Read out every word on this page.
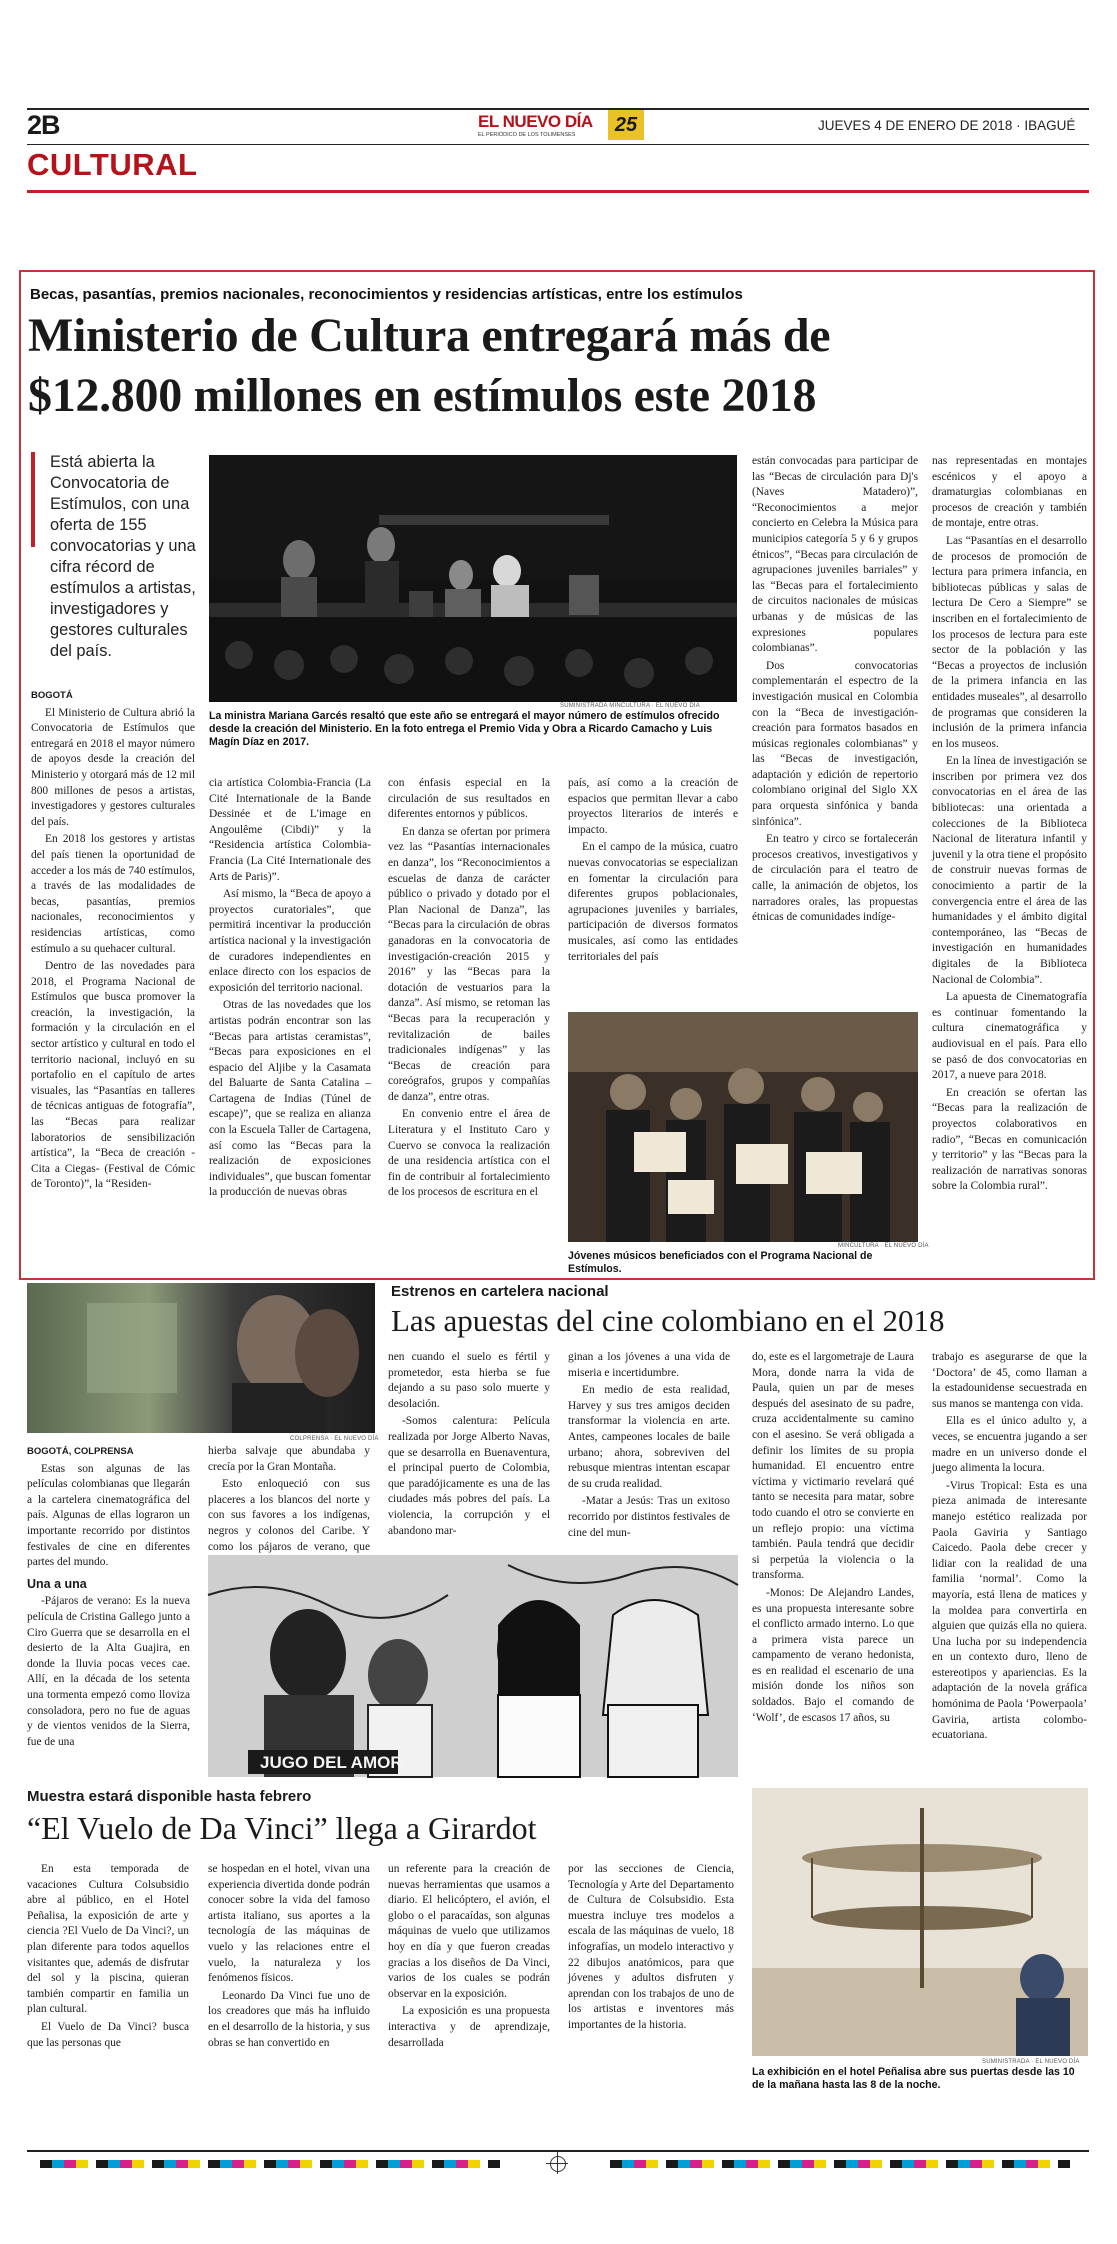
2B	EL NUEVO DÍA
EL PERIÓDICO DE LOS TOLIMENSES	25	JUEVES 4 DE ENERO DE 2018 · IBAGUÉ
CULTURAL
Becas, pasantías, premios nacionales, reconocimientos y residencias artísticas, entre los estímulos
Ministerio de Cultura entregará más de
$12.800 millones en estímulos este 2018
Está abierta la Convocatoria de Estímulos, con una oferta de 155 convocatorias y una cifra récord de estímulos a artistas, investigadores y gestores culturales del país.
SUMINISTRADA MINCULTURA · EL NUEVO DÍA
La ministra Mariana Garcés resaltó que este año se entregará el mayor número de estímulos ofrecido desde la creación del Ministerio. En la foto entrega el Premio Vida y Obra a Ricardo Camacho y Luis Magín Díaz en 2017.
BOGOTÁ

El Ministerio de Cultura abrió la Convocatoria de Estímulos que entregará en 2018 el mayor número de apoyos desde la creación del Ministerio y otorgará más de 12 mil 800 millones de pesos a artistas, investigadores y gestores culturales del país.

En 2018 los gestores y artistas del país tienen la oportunidad de acceder a los más de 740 estímulos, a través de las modalidades de becas, pasantías, premios nacionales, reconocimientos y residencias artísticas, como estímulo a su quehacer cultural.

Dentro de las novedades para 2018, el Programa Nacional de Estímulos que busca promover la creación, la investigación, la formación y la circulación en el sector artístico y cultural en todo el territorio nacional, incluyó en su portafolio en el capítulo de artes visuales, las “Pasantías en talleres de técnicas antiguas de fotografía”, las “Becas para realizar laboratorios de sensibilización artística”, la “Beca de creación -Cita a Ciegas- (Festival de Cómic de Toronto)”, la “Residen-

cia artística Colombia-Francia (La Cité Internationale de la Bande Dessinée et de L'image en Angoulême (Cibdi)” y la “Residencia artística Colombia-Francia (La Cité Internationale des Arts de Paris)”.

Así mismo, la “Beca de apoyo a proyectos curatoriales”, que permitirá incentivar la producción artística nacional y la investigación de curadores independientes en enlace directo con los espacios de exposición del territorio nacional.

Otras de las novedades que los artistas podrán encontrar son las “Becas para artistas ceramistas”, “Becas para exposiciones en el espacio del Aljibe y la Casamata del Baluarte de Santa Catalina – Cartagena de Indias (Túnel de escape)”, que se realiza en alianza con la Escuela Taller de Cartagena, así como las “Becas para la realización de exposiciones individuales”, que buscan fomentar la producción de nuevas obras

con énfasis especial en la circulación de sus resultados en diferentes entornos y públicos.

En danza se ofertan por primera vez las “Pasantías internacionales en danza”, los “Reconocimientos a escuelas de danza de carácter público o privado y dotado por el Plan Nacional de Danza”, las “Becas para la circulación de obras ganadoras en la convocatoria de investigación-creación 2015 y 2016” y las “Becas para la dotación de vestuarios para la danza”. Así mismo, se retoman las “Becas para la recuperación y revitalización de bailes tradicionales indígenas” y las “Becas de creación para coreógrafos, grupos y compañías de danza”, entre otras.

En convenio entre el área de Literatura y el Instituto Caro y Cuervo se convoca la realización de una residencia artística con el fin de contribuir al fortalecimiento de los procesos de escritura en el

país, así como a la creación de espacios que permitan llevar a cabo proyectos literarios de interés e impacto.

En el campo de la música, cuatro nuevas convocatorias se especializan en fomentar la circulación para diferentes grupos poblacionales, agrupaciones juveniles y barriales, participación de diversos formatos musicales, así como las entidades territoriales del país

están convocadas para participar de las “Becas de circulación para Dj's (Naves Matadero)”, “Reconocimientos a mejor concierto en Celebra la Música para municipios categoría 5 y 6 y grupos étnicos”, “Becas para circulación de agrupaciones juveniles barriales” y las “Becas para el fortalecimiento de circuitos nacionales de músicas urbanas y de músicas de las expresiones populares colombianas”.

Dos convocatorias complementarán el espectro de la investigación musical en Colombia con la “Beca de investigación-creación para formatos basados en músicas regionales colombianas” y las “Becas de investigación, adaptación y edición de repertorio colombiano original del Siglo XX para orquesta sinfónica y banda sinfónica”.

En teatro y circo se fortalecerán procesos creativos, investigativos y de circulación para el teatro de calle, la animación de objetos, los narradores orales, las propuestas étnicas de comunidades indíge-

nas representadas en montajes escénicos y el apoyo a dramaturgias colombianas en procesos de creación y también de montaje, entre otras.

Las “Pasantías en el desarrollo de procesos de promoción de lectura para primera infancia, en bibliotecas públicas y salas de lectura De Cero a Siempre” se inscriben en el fortalecimiento de los procesos de lectura para este sector de la población y las “Becas a proyectos de inclusión de la primera infancia en las entidades museales”, al desarrollo de programas que consideren la inclusión de la primera infancia en los museos.

En la línea de investigación se inscriben por primera vez dos convocatorias en el área de las bibliotecas: una orientada a colecciones de la Biblioteca Nacional de literatura infantil y juvenil y la otra tiene el propósito de construir nuevas formas de conocimiento a partir de la convergencia entre el área de las humanidades y el ámbito digital contemporáneo, las “Becas de investigación en humanidades digitales de la Biblioteca Nacional de Colombia”.

La apuesta de Cinematografía es continuar fomentando la cultura cinematográfica y audiovisual en el país. Para ello se pasó de dos convocatorias en 2017, a nueve para 2018.

En creación se ofertan las “Becas para la realización de proyectos colaborativos en radio”, “Becas en comunicación y territorio” y las “Becas para la realización de narrativas sonoras sobre la Colombia rural”.

MINCULTURA · EL NUEVO DÍA
Jóvenes músicos beneficiados con el Programa Nacional de Estímulos.
COLPRENSA · EL NUEVO DÍA
Estrenos en cartelera nacional
Las apuestas del cine colombiano en el 2018
BOGOTÁ, COLPRENSA

Estas son algunas de las películas colombianas que llegarán a la cartelera cinematográfica del país. Algunas de ellas lograron un importante recorrido por distintos festivales de cine en diferentes partes del mundo.

Una a una

-Pájaros de verano: Es la nueva película de Cristina Gallego junto a Ciro Guerra que se desarrolla en el desierto de la Alta Guajira, en donde la lluvia pocas veces cae. Allí, en la década de los setenta una tormenta empezó como lloviza consoladora, pero no fue de aguas y de vientos venidos de la Sierra, fue de una

hierba salvaje que abundaba y crecía por la Gran Montaña.

Esto enloqueció con sus placeres a los blancos del norte y con sus favores a los indígenas, negros y colonos del Caribe. Y como los pájaros de verano, que

nen cuando el suelo es fértil y prometedor, esta hierba se fue dejando a su paso solo muerte y desolación.

-Somos calentura: Película realizada por Jorge Alberto Navas, que se desarrolla en Buenaventura, el principal puerto de Colombia, que paradójicamente es una de las ciudades más pobres del país. La violencia, la corrupción y el abandono mar-

ginan a los jóvenes a una vida de miseria e incertidumbre.

En medio de esta realidad, Harvey y sus tres amigos deciden transformar la violencia en arte. Antes, campeones locales de baile urbano; ahora, sobreviven del rebusque mientras intentan escapar de su cruda realidad.

-Matar a Jesús: Tras un exitoso recorrido por distintos festivales de cine del mun-

do, este es el largometraje de Laura Mora, donde narra la vida de Paula, quien un par de meses después del asesinato de su padre, cruza accidentalmente su camino con el asesino. Se verá obligada a definir los límites de su propia humanidad. El encuentro entre víctima y victimario revelará qué tanto se necesita para matar, sobre todo cuando el otro se convierte en un reflejo propio: una víctima también. Paula tendrá que decidir si perpetúa la violencia o la transforma.

-Monos: De Alejandro Landes, es una propuesta interesante sobre el conflicto armado interno. Lo que a primera vista parece un campamento de verano hedonista, es en realidad el escenario de una misión donde los niños son soldados. Bajo el comando de ‘Wolf’, de escasos 17 años, su

trabajo es asegurarse de que la ‘Doctora’ de 45, como llaman a la estadounidense secuestrada en sus manos se mantenga con vida.

Ella es el único adulto y, a veces, se encuentra jugando a ser madre en un universo donde el juego alimenta la locura.

-Virus Tropical: Esta es una pieza animada de interesante manejo estético realizada por Paola Gaviria y Santiago Caicedo. Paola debe crecer y lidiar con la realidad de una familia ‘normal’. Como la mayoría, está llena de matices y la moldea para convertirla en alguien que quizás ella no quiera. Una lucha por su independencia en un contexto duro, lleno de estereotipos y apariencias. Es la adaptación de la novela gráfica homónima de Paola ‘Powerpaola’ Gaviria, artista colombo-ecuatoriana.

JUGO DEL AMOR
Muestra estará disponible hasta febrero
“El Vuelo de Da Vinci” llega a Girardot

En esta temporada de vacaciones Cultura Colsubsidio abre al público, en el Hotel Peñalisa, la exposición de arte y ciencia ?El Vuelo de Da Vinci?, un plan diferente para todos aquellos visitantes que, además de disfrutar del sol y la piscina, quieran también compartir en familia un plan cultural.

El Vuelo de Da Vinci? busca que las personas que

se hospedan en el hotel, vivan una experiencia divertida donde podrán conocer sobre la vida del famoso artista italiano, sus aportes a la tecnología de las máquinas de vuelo y las relaciones entre el vuelo, la naturaleza y los fenómenos físicos.

Leonardo Da Vinci fue uno de los creadores que más ha influido en el desarrollo de la historia, y sus obras se han convertido en

un referente para la creación de nuevas herramientas que usamos a diario. El helicóptero, el avión, el globo o el paracaídas, son algunas máquinas de vuelo que utilizamos hoy en día y que fueron creadas gracias a los diseños de Da Vinci, varios de los cuales se podrán observar en la exposición.

La exposición es una propuesta interactiva y de aprendizaje, desarrollada

por las secciones de Ciencia, Tecnología y Arte del Departamento de Cultura de Colsubsidio. Esta muestra incluye tres modelos a escala de las máquinas de vuelo, 18 infografías, un modelo interactivo y 22 dibujos anatómicos, para que jóvenes y adultos disfruten y aprendan con los trabajos de uno de los artistas e inventores más importantes de la historia.

SUMINISTRADA · EL NUEVO DÍA
La exhibición en el hotel Peñalisa abre sus puertas desde las 10 de la mañana hasta las 8 de la noche.
